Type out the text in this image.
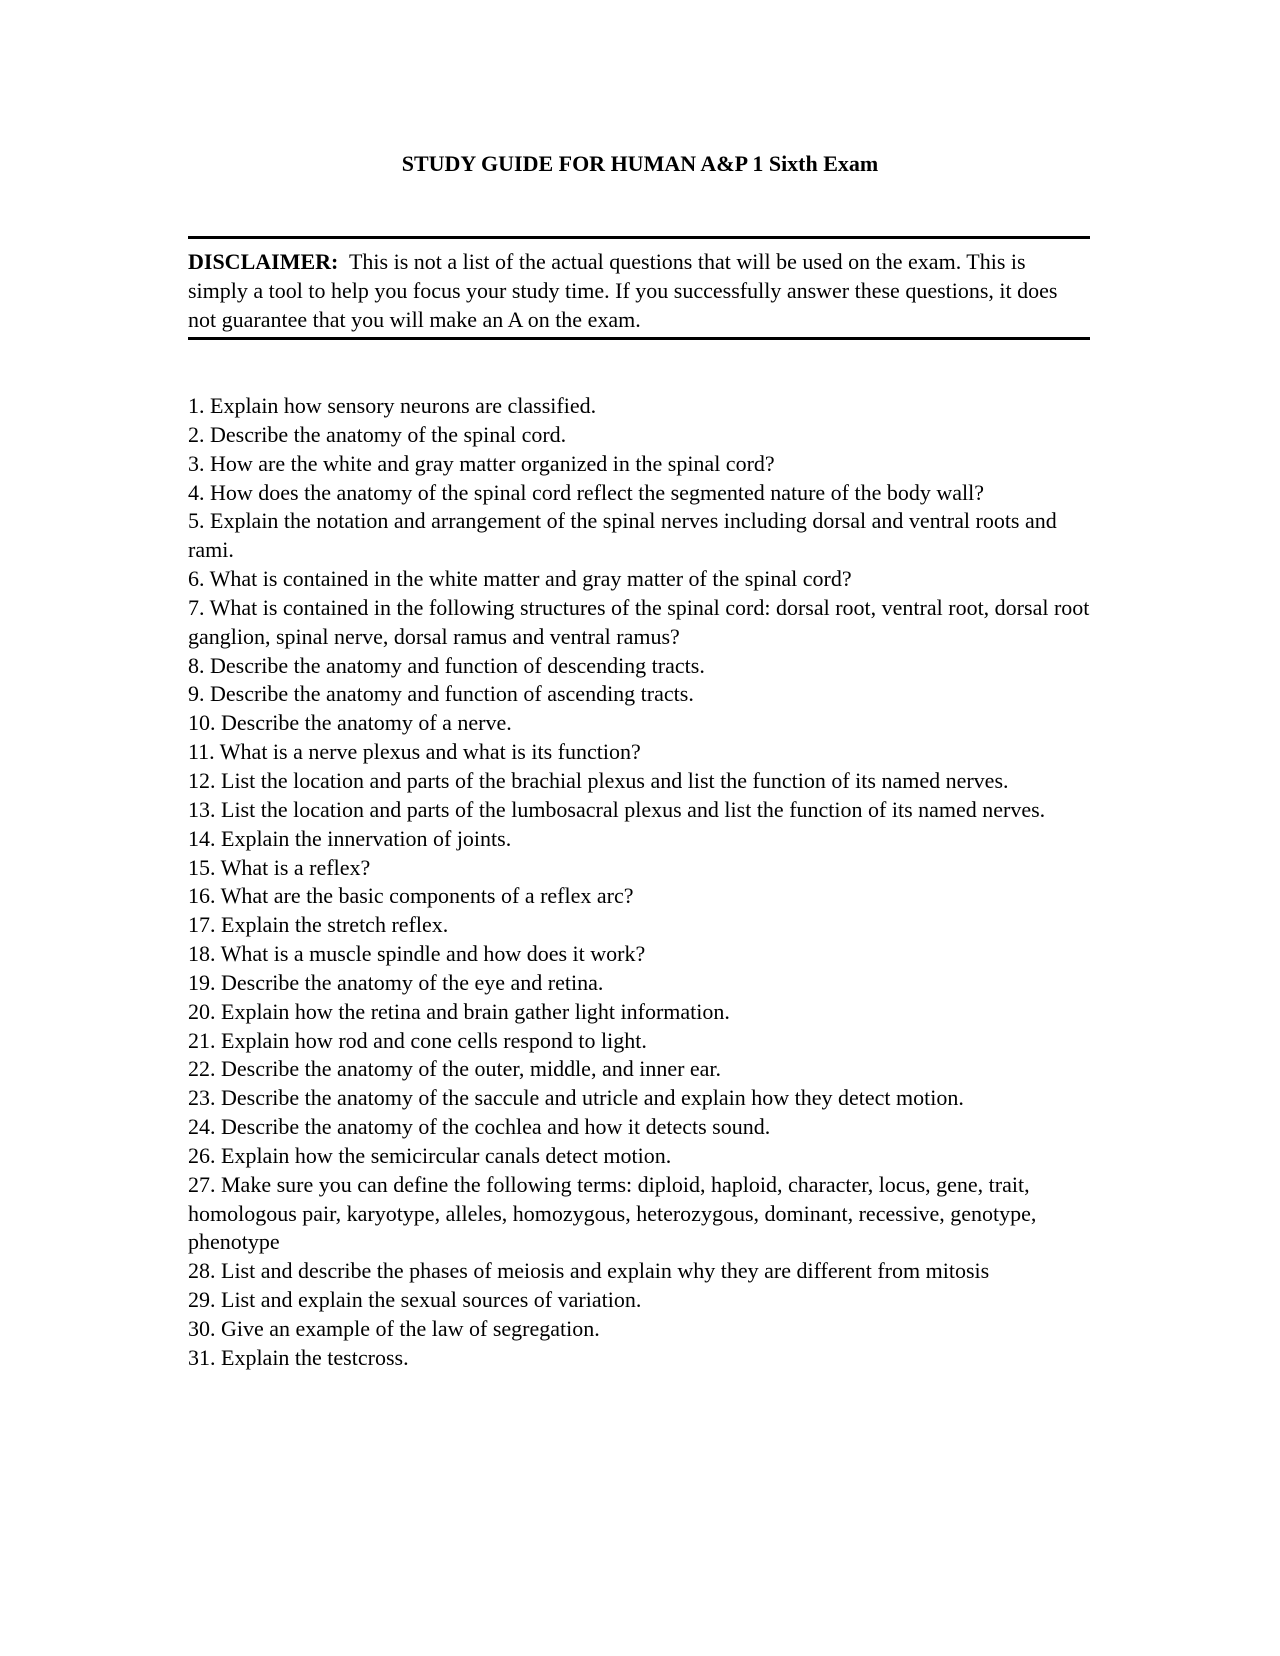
STUDY GUIDE FOR HUMAN A&P 1 Sixth Exam
DISCLAIMER: This is not a list of the actual questions that will be used on the exam. This is simply a tool to help you focus your study time. If you successfully answer these questions, it does not guarantee that you will make an A on the exam.
1. Explain how sensory neurons are classified.
2. Describe the anatomy of the spinal cord.
3. How are the white and gray matter organized in the spinal cord?
4. How does the anatomy of the spinal cord reflect the segmented nature of the body wall?
5. Explain the notation and arrangement of the spinal nerves including dorsal and ventral roots and rami.
6. What is contained in the white matter and gray matter of the spinal cord?
7. What is contained in the following structures of the spinal cord: dorsal root, ventral root, dorsal root ganglion, spinal nerve, dorsal ramus and ventral ramus?
8. Describe the anatomy and function of descending tracts.
9. Describe the anatomy and function of ascending tracts.
10. Describe the anatomy of a nerve.
11. What is a nerve plexus and what is its function?
12. List the location and parts of the brachial plexus and list the function of its named nerves.
13. List the location and parts of the lumbosacral plexus and list the function of its named nerves.
14. Explain the innervation of joints.
15. What is a reflex?
16. What are the basic components of a reflex arc?
17. Explain the stretch reflex.
18. What is a muscle spindle and how does it work?
19. Describe the anatomy of the eye and retina.
20. Explain how the retina and brain gather light information.
21. Explain how rod and cone cells respond to light.
22. Describe the anatomy of the outer, middle, and inner ear.
23. Describe the anatomy of the saccule and utricle and explain how they detect motion.
24. Describe the anatomy of the cochlea and how it detects sound.
26. Explain how the semicircular canals detect motion.
27. Make sure you can define the following terms: diploid, haploid, character, locus, gene, trait, homologous pair, karyotype, alleles, homozygous, heterozygous, dominant, recessive, genotype, phenotype
28. List and describe the phases of meiosis and explain why they are different from mitosis
29. List and explain the sexual sources of variation.
30. Give an example of the law of segregation.
31. Explain the testcross.
